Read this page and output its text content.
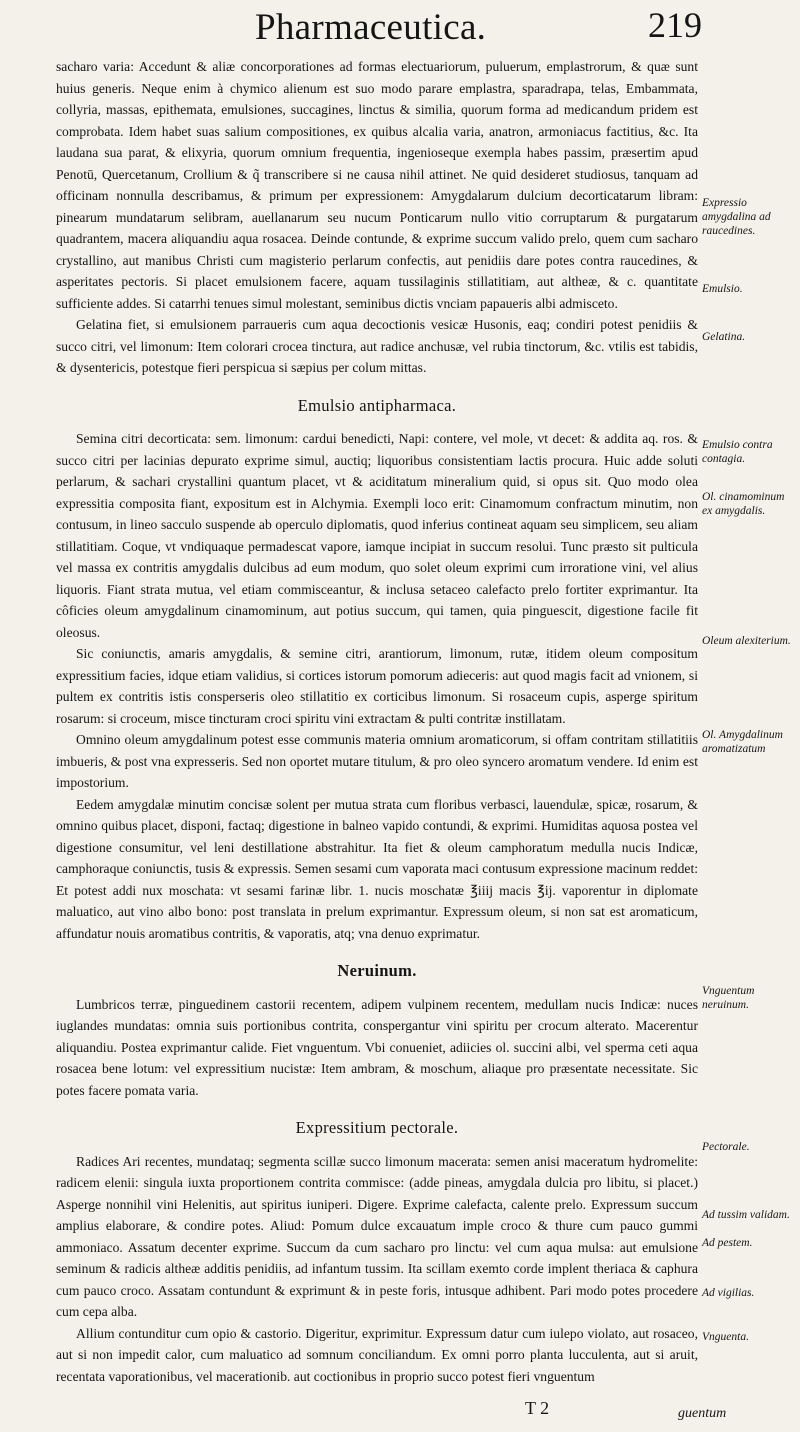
Pharmaceutica.	219

sacharo varia: Accedunt & aliæ concorporationes ad formas electuariorum, puluerum, emplastrorum, & quæ sunt huius generis. Neque enim à chymico alienum est suo modo parare emplastra, sparadrapa, telas, Embammata, collyria, massas, epithemata, emulsiones, succagines, linctus & similia, quorum forma ad medicandum pridem est comprobata. Idem habet suas salium compositiones, ex quibus alcalia varia, anatron, armoniacus factitius, &c. Ita laudana sua parat, & elixyria, quorum omnium frequentia, ingenioseque exempla habes passim, præsertim apud Penotū, Quercetanum, Crollium & q̃ transcribere si ne causa nihil attinet. Ne quid desideret studiosus, tanquam ad officinam nonnulla describamus, & primum per expressionem: Amygdalarum dulcium decorticatarum libram: pinearum mundatarum selibram, auellanarum seu nucum Ponticarum nullo vitio corruptarum & purgatarum quadrantem, macera aliquandiu aqua rosacea. Deinde contunde, & exprime succum valido prelo, quem cum sacharo crystallino, aut manibus Christi cum magisterio perlarum confectis, aut penidiis dare potes contra raucedines, & asperitates pectoris. Si placet emulsionem facere, aquam tussilaginis stillatitiam, aut altheæ, & c. quantitate sufficiente addes. Si catarrhi tenues simul molestant, seminibus dictis vnciam papaueris albi admisceto.

Gelatina fiet, si emulsionem parraueris cum aqua decoctionis vesicæ Husonis, eaq; condiri potest penidiis & succo citri, vel limonum: Item colorari crocea tinctura, aut radice anchusæ, vel rubia tinctorum, &c. vtilis est tabidis, & dysentericis, potestque fieri perspicua si sæpius per colum mittas.

Emulsio antipharmaca.

Semina citri decorticata: sem. limonum: cardui benedicti, Napi: contere, vel mole, vt decet: & addita aq. ros. & succo citri per lacinias depurato exprime simul, auctiq; liquoribus consistentiam lactis procura. Huic adde soluti perlarum, & sachari crystallini quantum placet, vt & aciditatum mineralium quid, si opus sit. Quo modo olea expressitia composita fiant, expositum est in Alchymia. Exempli loco erit: Cinamomum confractum minutim, non contusum, in lineo sacculo suspende ab operculo diplomatis, quod inferius contineat aquam seu simplicem, seu aliam stillatitiam. Coque, vt vndiquaque permadescat vapore, iamque incipiat in succum resolui. Tunc præsto sit pulticula vel massa ex contritis amygdalis dulcibus ad eum modum, quo solet oleum exprimi cum irroratione vini, vel alius liquoris. Fiant strata mutua, vel etiam commisceantur, & inclusa setaceo calefacto prelo fortiter exprimantur. Ita côficies oleum amygdalinum cinamominum, aut potius succum, qui tamen, quia pinguescit, digestione facile fit oleosus.

Sic coniunctis, amaris amygdalis, & semine citri, arantiorum, limonum, rutæ, itidem oleum compositum expressitium facies, idque etiam validius, si cortices istorum pomorum adieceris: aut quod magis facit ad vnionem, si pultem ex contritis istis consperseris oleo stillatitio ex corticibus limonum. Si rosaceum cupis, asperge spiritum rosarum: si croceum, misce tincturam croci spiritu vini extractam & pulti contritæ instillatam.

Omnino oleum amygdalinum potest esse communis materia omnium aromaticorum, si offam contritam stillatitiis imbueris, & post vna expresseris. Sed non oportet mutare titulum, & pro oleo syncero aromatum vendere. Id enim est impostorium.

Eedem amygdalæ minutim concisæ solent per mutua strata cum floribus verbasci, lauendulæ, spicæ, rosarum, & omnino quibus placet, disponi, factaq; digestione in balneo vapido contundi, & exprimi. Humiditas aquosa postea vel digestione consumitur, vel leni destillatione abstrahitur. Ita fiet & oleum camphoratum medulla nucis Indicæ, camphoraque coniunctis, tusis & expressis. Semen sesami cum vaporata maci contusum expressione macinum reddet: Et potest addi nux moschata: vt sesami farinæ libr. 1. nucis moschatæ ℥iiij macis ℥ij. vaporentur in diplomate maluatico, aut vino albo bono: post translata in prelum exprimantur. Expressum oleum, si non sat est aromaticum, affundatur nouis aromatibus contritis, & vaporatis, atq; vna denuo exprimatur.

Neruinum.

Lumbricos terræ, pinguedinem castorii recentem, adipem vulpinem recentem, medullam nucis Indicæ: nuces iuglandes mundatas: omnia suis portionibus contrita, conspergantur vini spiritu per crocum alterato. Macerentur aliquandiu. Postea exprimantur calide. Fiet vnguentum. Vbi conueniet, adiicies ol. succini albi, vel sperma ceti aqua rosacea bene lotum: vel expressitium nucistæ: Item ambram, & moschum, aliaque pro præsentate necessitate. Sic potes facere pomata varia.

Expressitium pectorale.

Radices Ari recentes, mundataq; segmenta scillæ succo limonum macerata: semen anisi maceratum hydromelite: radicem elenii: singula iuxta proportionem contrita commisce: (adde pineas, amygdala dulcia pro libitu, si placet.) Asperge nonnihil vini Helenitis, aut spiritus iuniperi. Digere. Exprime calefacta, calente prelo. Expressum succum amplius elaborare, & condire potes. Aliud: Pomum dulce excauatum imple croco & thure cum pauco gummi ammoniaco. Assatum decenter exprime. Succum da cum sacharo pro linctu: vel cum aqua mulsa: aut emulsione seminum & radicis altheæ additis penidiis, ad infantum tussim. Ita scillam exemto corde implent theriaca & caphura cum pauco croco. Assatam contundunt & exprimunt & in peste foris, intusque adhibent. Pari modo potes procedere cum cepa alba.

Allium contunditur cum opio & castorio. Digeritur, exprimitur. Expressum datur cum iulepo violato, aut rosaceo, aut si non impedit calor, cum maluatico ad somnum conciliandum. Ex omni porro planta lucculenta, aut si aruit, recentata vaporationibus, vel macerationib. aut coctionibus in proprio succo potest fieri vnguentum

Expressio amygdalina ad raucedines.
Emulsio.
Gelatina.
Emulsio contra contagia.
Ol. cinamominum ex amygdalis.
Oleum alexiterium.
Ol. Amygdalinum aromatizatum
Vnguentum neruinum.
Pectorale.
Ad tussim validam.
Ad pestem.
Ad vigilias.
Vnguenta.
T 2	guentum
